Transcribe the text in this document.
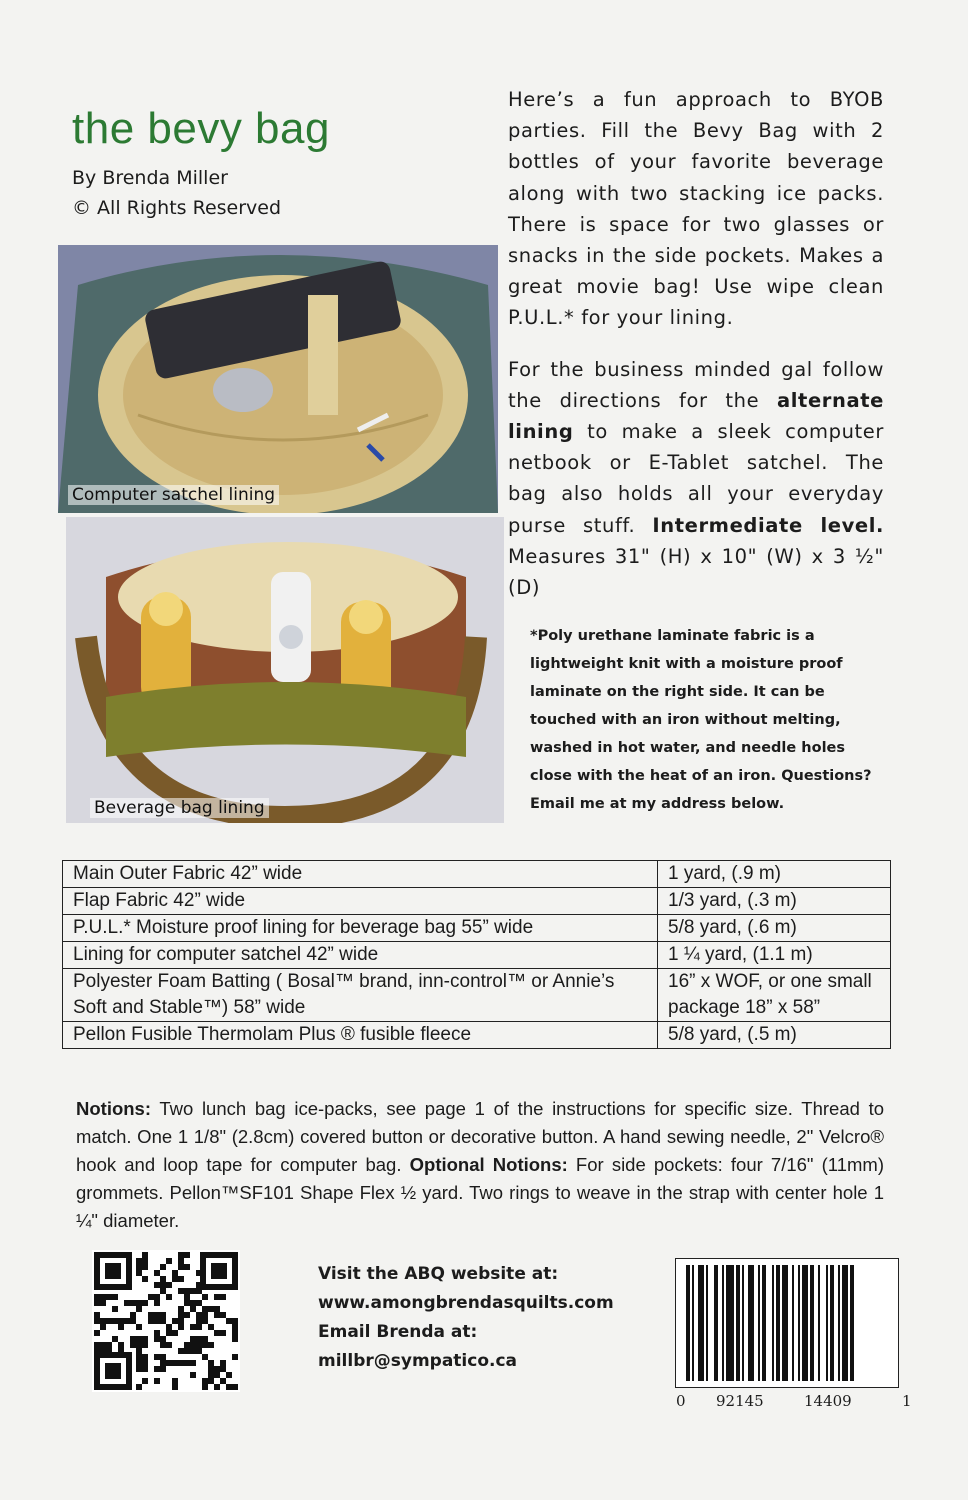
the bevy bag
By Brenda Miller
© All Rights Reserved

Here’s a fun approach to BYOB parties. Fill the Bevy Bag with 2 bottles of your favorite beverage along with two stacking ice packs. There is space for two glasses or snacks in the side pockets. Makes a great movie bag! Use wipe clean P.U.L.* for your lining.

For the business minded gal follow the directions for the alternate lining to make a sleek computer netbook or E-Tablet satchel. The bag also holds all your everyday purse stuff. Intermediate level. Measures 31" (H) x 10" (W) x 3 ½" (D)

Computer satchel lining
Beverage bag lining
*Poly urethane laminate fabric is a lightweight knit with a moisture proof laminate on the right side. It can be touched with an iron without melting, washed in hot water, and needle holes close with the heat of an iron. Questions? Email me at my address below.
Main Outer Fabric 42” wide	1 yard, (.9 m)
Flap Fabric 42” wide	1/3 yard, (.3 m)
P.U.L.* Moisture proof lining for beverage bag 55” wide	5/8 yard, (.6 m)
Lining for computer satchel 42” wide	1 ¼ yard, (1.1 m)
Polyester Foam Batting ( Bosal™ brand, inn-control™ or Annie’s Soft and Stable™) 58” wide	16” x WOF, or one small package 18” x 58”
Pellon Fusible Thermolam Plus ® fusible fleece	5/8 yard, (.5 m)
Notions: Two lunch bag ice-packs, see page 1 of the instructions for specific size. Thread to match. One 1 1/8" (2.8cm) covered button or decorative button. A hand sewing needle, 2" Velcro® hook and loop tape for computer bag. Optional Notions: For side pockets: four 7/16" (11mm) grommets. Pellon™SF101 Shape Flex ½ yard. Two rings to weave in the strap with center hole 1 ¼" diameter.
Visit the ABQ website at:
www.amongbrendasquilts.com
Email Brenda at:
millbr@sympatico.ca
0 92145	14409	1
